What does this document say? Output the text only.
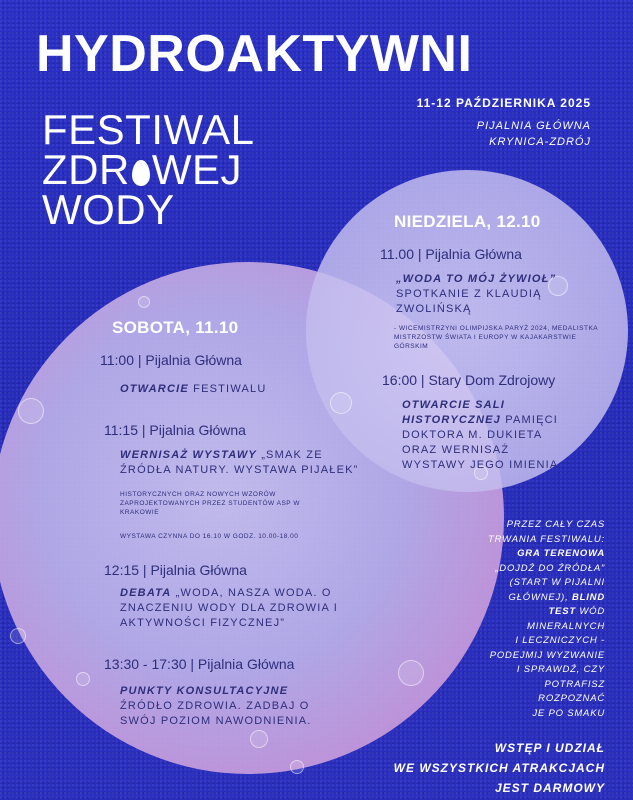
HYDROAKTYWNI
11-12 PAŹDZIERNIKA 2025
PIJALNIA GŁÓWNA
KRYNICA-ZDRÓJ
FESTIWAL
ZDR WEJ
WODY	NIEDZIELA, 12.10
11.00 | Pijalnia Główna
„WODA TO MÓJ ŻYWIOŁ” SPOTKANIE Z KLAUDIĄ ZWOLIŃSKĄ
- WICEMISTRZYNI OLIMPIJSKA PARYŻ 2024, MEDALISTKA MISTRZOSTW ŚWIATA I EUROPY W KAJAKARSTWIE GÓRSKIM
16:00 | Stary Dom Zdrojowy
OTWARCIE SALI HISTORYCZNEJ PAMIĘCI DOKTORA M. DUKIETA ORAZ WERNISAŻ WYSTAWY JEGO IMIENIA
SOBOTA, 11.10
11:00 | Pijalnia Główna
OTWARCIE FESTIWALU
11:15 | Pijalnia Główna
WERNISAŻ WYSTAWY „SMAK ZE ŹRÓDŁA NATURY. WYSTAWA PIJAŁEK”
HISTORYCZNYCH ORAZ NOWYCH WZORÓW ZAPROJEKTOWANYCH PRZEZ STUDENTÓW ASP W KRAKOWIE
WYSTAWA CZYNNA DO 16.10 W GODZ. 10.00-18.00
12:15 | Pijalnia Główna
DEBATA „WODA, NASZA WODA. O ZNACZENIU WODY DLA ZDROWIA I AKTYWNOŚCI FIZYCZNEJ”
13:30 - 17:30 | Pijalnia Główna
PUNKTY KONSULTACYJNE ŹRÓDŁO ZDROWIA. ZADBAJ O SWÓJ POZIOM NAWODNIENIA.
PRZEZ CAŁY CZAS
TRWANIA FESTIWALU:
GRA TERENOWA
„DOJDŹ DO ŹRÓDŁA”
(START W PIJALNI
GŁÓWNEJ), BLIND
TEST WÓD
MINERALNYCH
I LECZNICZYCH -
PODEJMIJ WYZWANIE
I SPRAWDŹ, CZY
POTRAFISZ
ROZPOZNAĆ
JE PO SMAKU
WSTĘP I UDZIAŁ
WE WSZYSTKICH ATRAKCJACH
JEST DARMOWY
